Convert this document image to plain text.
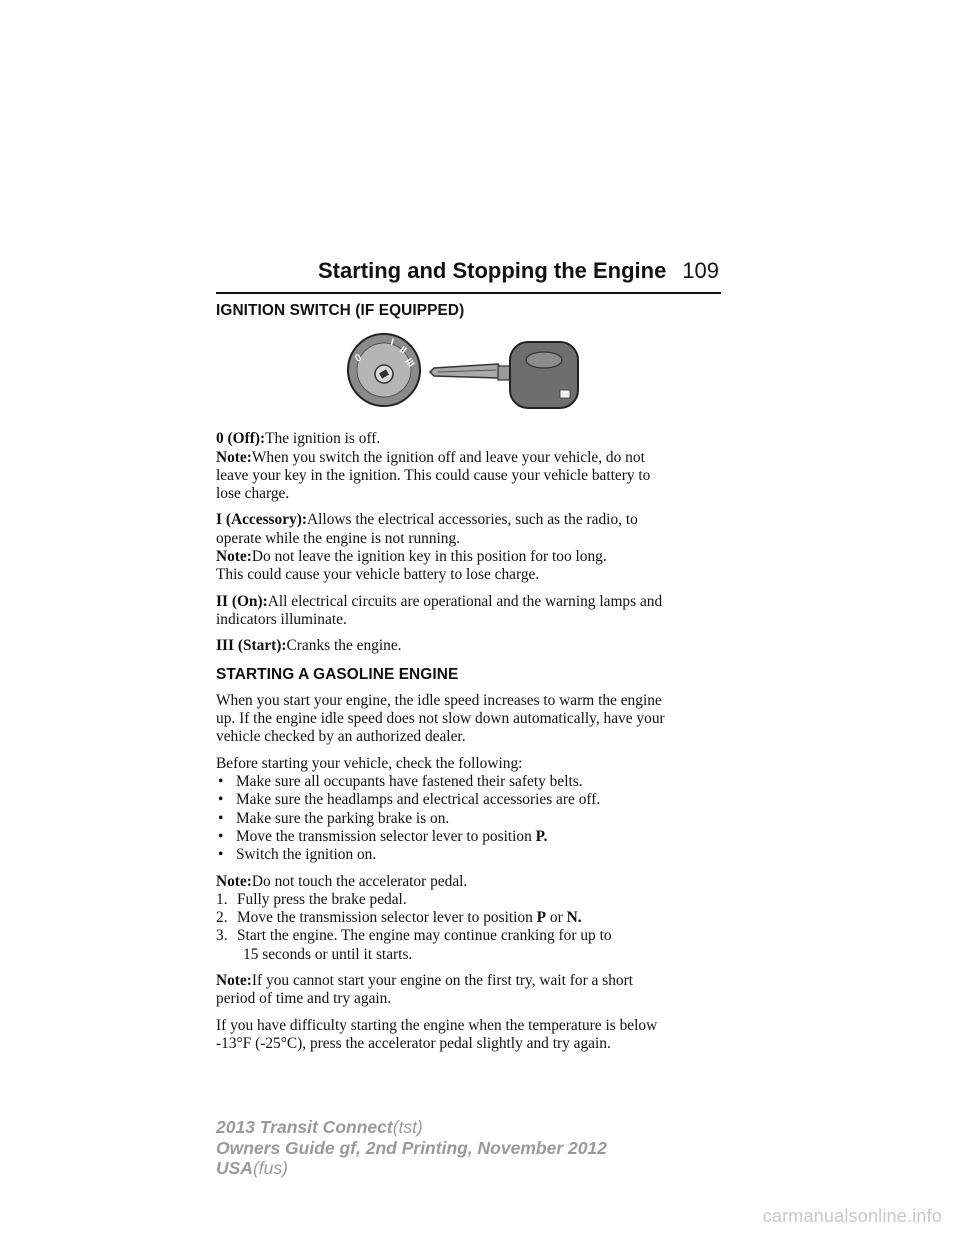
Starting and Stopping the Engine 109
IGNITION SWITCH (IF EQUIPPED)
0
I
II
III

0 (Off):The ignition is off.

Note:When you switch the ignition off and leave your vehicle, do not
leave your key in the ignition. This could cause your vehicle battery to
lose charge.

I (Accessory):Allows the electrical accessories, such as the radio, to
operate while the engine is not running.

Note:Do not leave the ignition key in this position for too long.
This could cause your vehicle battery to lose charge.

II (On):All electrical circuits are operational and the warning lamps and
indicators illuminate.

III (Start):Cranks the engine.

STARTING A GASOLINE ENGINE

When you start your engine, the idle speed increases to warm the engine
up. If the engine idle speed does not slow down automatically, have your
vehicle checked by an authorized dealer.

Before starting your vehicle, check the following:

• Make sure all occupants have fastened their safety belts.
• Make sure the headlamps and electrical accessories are off.
• Make sure the parking brake is on.
• Move the transmission selector lever to position P.
• Switch the ignition on.

Note:Do not touch the accelerator pedal.

1. Fully press the brake pedal.
2. Move the transmission selector lever to position P or N.
3. Start the engine. The engine may continue cranking for up to
15 seconds or until it starts.

Note:If you cannot start your engine on the first try, wait for a short
period of time and try again.

If you have difficulty starting the engine when the temperature is below
-13°F (-25°C), press the accelerator pedal slightly and try again.

2013 Transit Connect(tst)
Owners Guide gf, 2nd Printing, November 2012
USA(fus)
carmanualsonline.info
